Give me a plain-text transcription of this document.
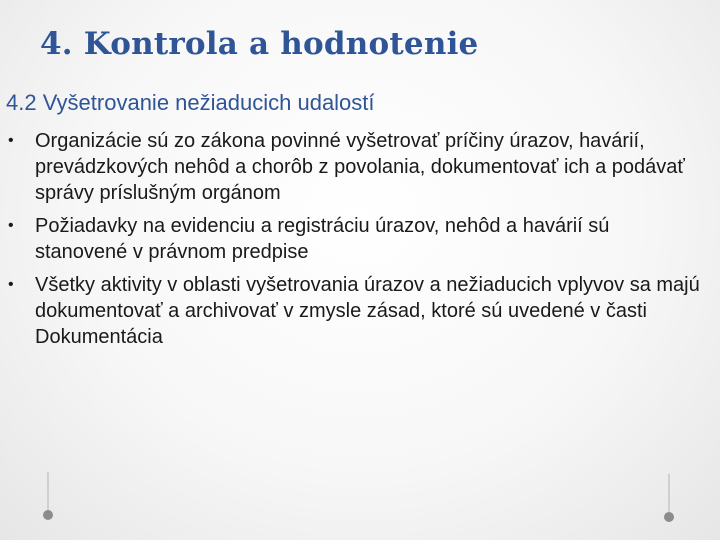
4. Kontrola a hodnotenie
4.2 Vyšetrovanie nežiaducich udalostí
• Organizácie sú zo zákona povinné vyšetrovať príčiny úrazov, havárií, prevádzkových nehôd a chorôb z povolania, dokumentovať ich a podávať správy príslušným orgánom
• Požiadavky na evidenciu a registráciu úrazov, nehôd a havárií sú stanovené v právnom predpise
• Všetky aktivity v oblasti vyšetrovania úrazov a nežiaducich vplyvov sa majú dokumentovať a archivovať v zmysle zásad, ktoré sú uvedené v časti Dokumentácia
